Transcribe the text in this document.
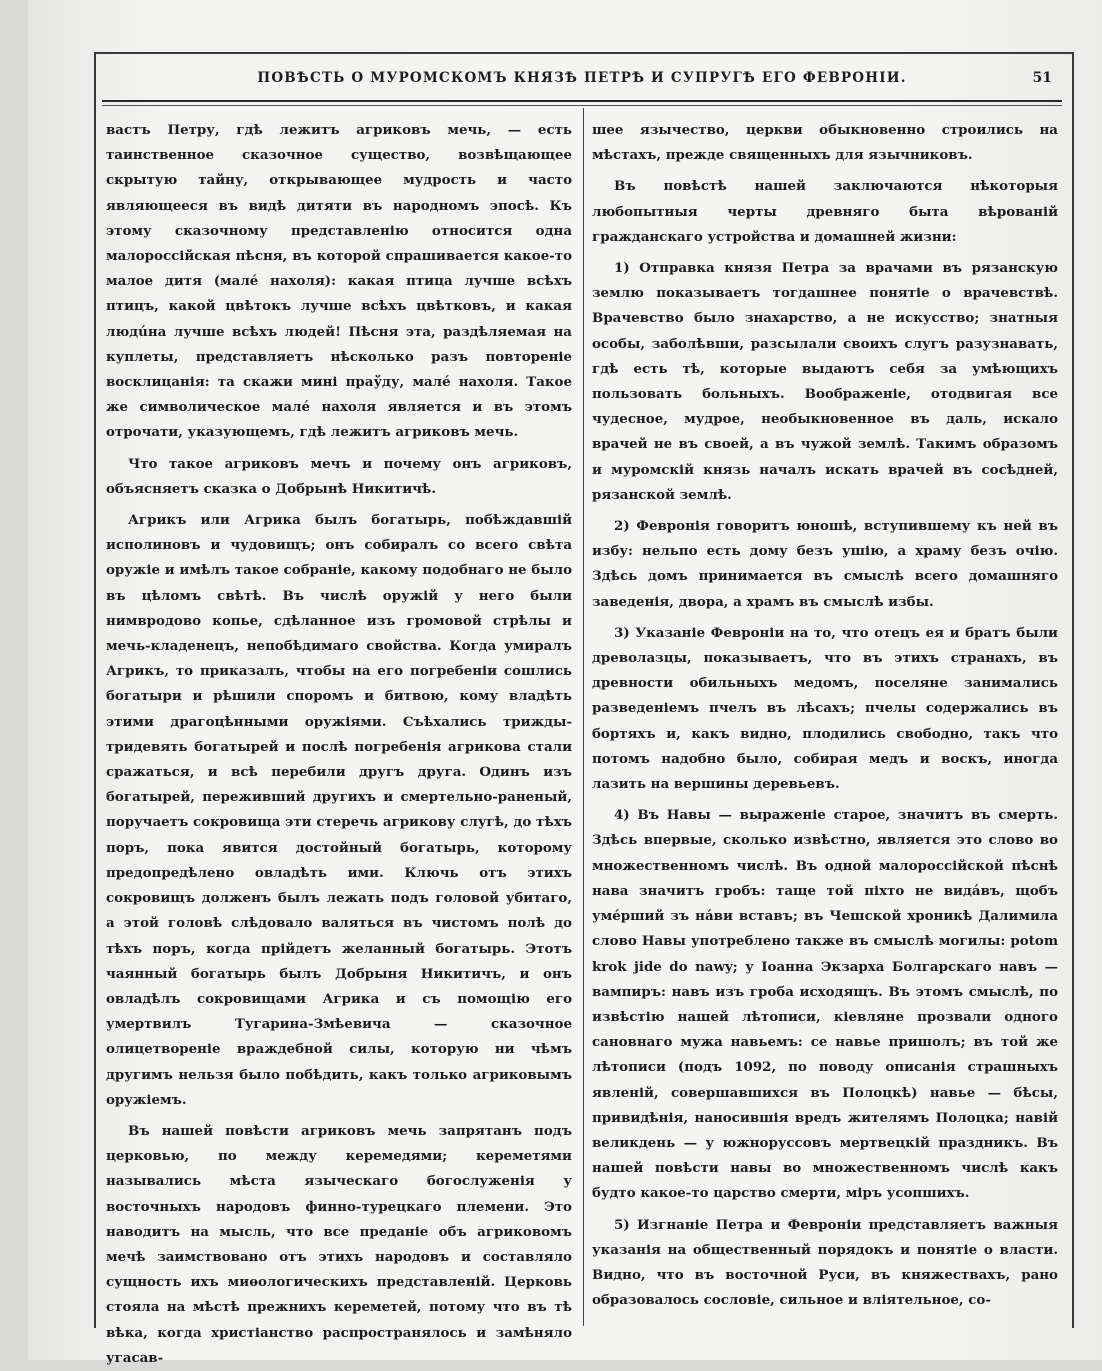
ПОВѢСТЬ О МУРОМСКОМЪ КНЯЗѢ ПЕТРѢ И СУПРУГѢ ЕГО ФЕВРОНІИ.	51

вастъ Петру, гдѣ лежитъ агриковъ мечь, — есть таинственное сказочное существо, возвѣщающее скрытую тайну, открывающее мудрость и часто являющееся въ видѣ дитяти въ народномъ эпосѣ. Къ этому сказочному представленію относится одна малороссійская пѣсня, въ которой спрашивается какое-то малое дитя (малé нахоля): какая птица лучше всѣхъ птицъ, какой цвѣтокъ лучше всѣхъ цвѣтковъ, и какая людúна лучше всѣхъ людей! Пѣсня эта, раздѣляемая на куплеты, представляетъ нѣсколько разъ повтореніе восклицанія: та скажи мині праўду, малé нахоля. Такое же символическое малé нахоля является и въ этомъ отрочати, указующемъ, гдѣ лежитъ агриковъ мечь.

Что такое агриковъ мечъ и почему онъ агриковъ, объясняетъ сказка о Добрынѣ Никитичѣ.

Агрикъ или Агрика былъ богатырь, побѣждавшій исполиновъ и чудовищъ; онъ собиралъ со всего свѣта оружіе и имѣлъ такое собраніе, какому подобнаго не было въ цѣломъ свѣтѣ. Въ числѣ оружій у него были нимвродово копье, сдѣланное изъ громовой стрѣлы и мечь-кладенецъ, непобѣдимаго свойства. Когда умиралъ Агрикъ, то приказалъ, чтобы на его погребеніи сошлись богатыри и рѣшили споромъ и битвою, кому владѣть этими драгоцѣнными оружіями. Съѣхались трижды-тридевять богатырей и послѣ погребенія агрикова стали сражаться, и всѣ перебили другъ друга. Одинъ изъ богатырей, переживший другихъ и смертельно-раненый, поручаетъ сокровища эти стеречь агрикову слугѣ, до тѣхъ поръ, пока явится достойный богатырь, которому предопредѣлено овладѣть ими. Ключь отъ этихъ сокровищъ долженъ былъ лежать подъ головой убитаго, а этой головѣ слѣдовало валяться въ чистомъ полѣ до тѣхъ поръ, когда прійдетъ желанный богатырь. Этотъ чаянный богатырь былъ Добрыня Никитичъ, и онъ овладѣлъ сокровищами Агрика и съ помощію его умертвилъ Тугарина-Змѣевича — сказочное олицетвореніе враждебной силы, которую ни чѣмъ другимъ нельзя было побѣдить, какъ только агриковымъ оружіемъ.

Въ нашей повѣсти агриковъ мечь запрятанъ подъ церковью, по между керемедями; кереметями назывались мѣста языческаго богослуженія у восточныхъ народовъ финно-турецкаго племени. Это наводитъ на мысль, что все преданіе объ агриковомъ мечѣ заимствовано отъ этихъ народовъ и составляло сущность ихъ миѳологическихъ представленій. Церковь стояла на мѣстѣ прежнихъ кереметей, потому что въ тѣ вѣка, когда христіанство распространялось и замѣняло угасав-

шее язычество, церкви обыкновенно строились на мѣстахъ, прежде священныхъ для язычниковъ.

Въ повѣстѣ нашей заключаются нѣкоторыя любопытныя черты древняго быта вѣрованій гражданскаго устройства и домашней жизни:

1) Отправка князя Петра за врачами въ рязанскую землю показываетъ тогдашнее понятіе о врачевствѣ. Врачевство было знахарство, а не искусство; знатныя особы, заболѣвши, разсылали своихъ слугъ разузнавать, гдѣ есть тѣ, которые выдаютъ себя за умѣющихъ пользовать больныхъ. Воображеніе, отодвигая все чудесное, мудрое, необыкновенное въ даль, искало врачей не въ своей, а въ чужой землѣ. Такимъ образомъ и муромскій князь началъ искать врачей въ сосѣдней, рязанской землѣ.

2) Февронія говоритъ юношѣ, вступившему къ ней въ избу: нельпо есть дому безъ ушію, а храму безъ очію. Здѣсь домъ принимается въ смыслѣ всего домашняго заведенія, двора, а храмъ въ смыслѣ избы.

3) Указаніе Февроніи на то, что отецъ ея и братъ были древолазцы, показываетъ, что въ этихъ странахъ, въ древности обильныхъ медомъ, поселяне занимались разведеніемъ пчелъ въ лѣсахъ; пчелы содержались въ бортяхъ и, какъ видно, плодились свободно, такъ что потомъ надобно было, собирая медъ и воскъ, иногда лазить на вершины деревьевъ.

4) Въ Навы — выраженіе старое, значитъ въ смерть. Здѣсь впервые, сколько извѣстно, является это слово во множественномъ числѣ. Въ одной малороссійской пѣснѣ нава значитъ гробъ: таще той піхто не видáвъ, щобъ умéрший зъ нáви вставъ; въ Чешской хроникѣ Далимила слово Навы употреблено также въ смыслѣ могилы: potom krok jide do nawy; у Іоанна Экзарха Болгарскаго навъ — вампиръ: навъ изъ гроба исходящъ. Въ этомъ смыслѣ, по извѣстію нашей лѣтописи, кіевляне прозвали одного сановнаго мужа навьемъ: се навье пришолъ; въ той же лѣтописи (подъ 1092, по поводу описанія страшныхъ явленій, совершавшихся въ Полоцкѣ) навье — бѣсы, привидѣнія, наносившія вредъ жителямъ Полоцка; навій великдень — у южноруссовъ мертвецкій праздникъ. Въ нашей повѣсти навы во множественномъ числѣ какъ будто какое-то царство смерти, міръ усопшихъ.

5) Изгнаніе Петра и Февроніи представляетъ важныя указанія на общественный порядокъ и понятіе о власти. Видно, что въ восточной Руси, въ княжествахъ, рано образовалось сословіе, сильное и вліятельное, со-
